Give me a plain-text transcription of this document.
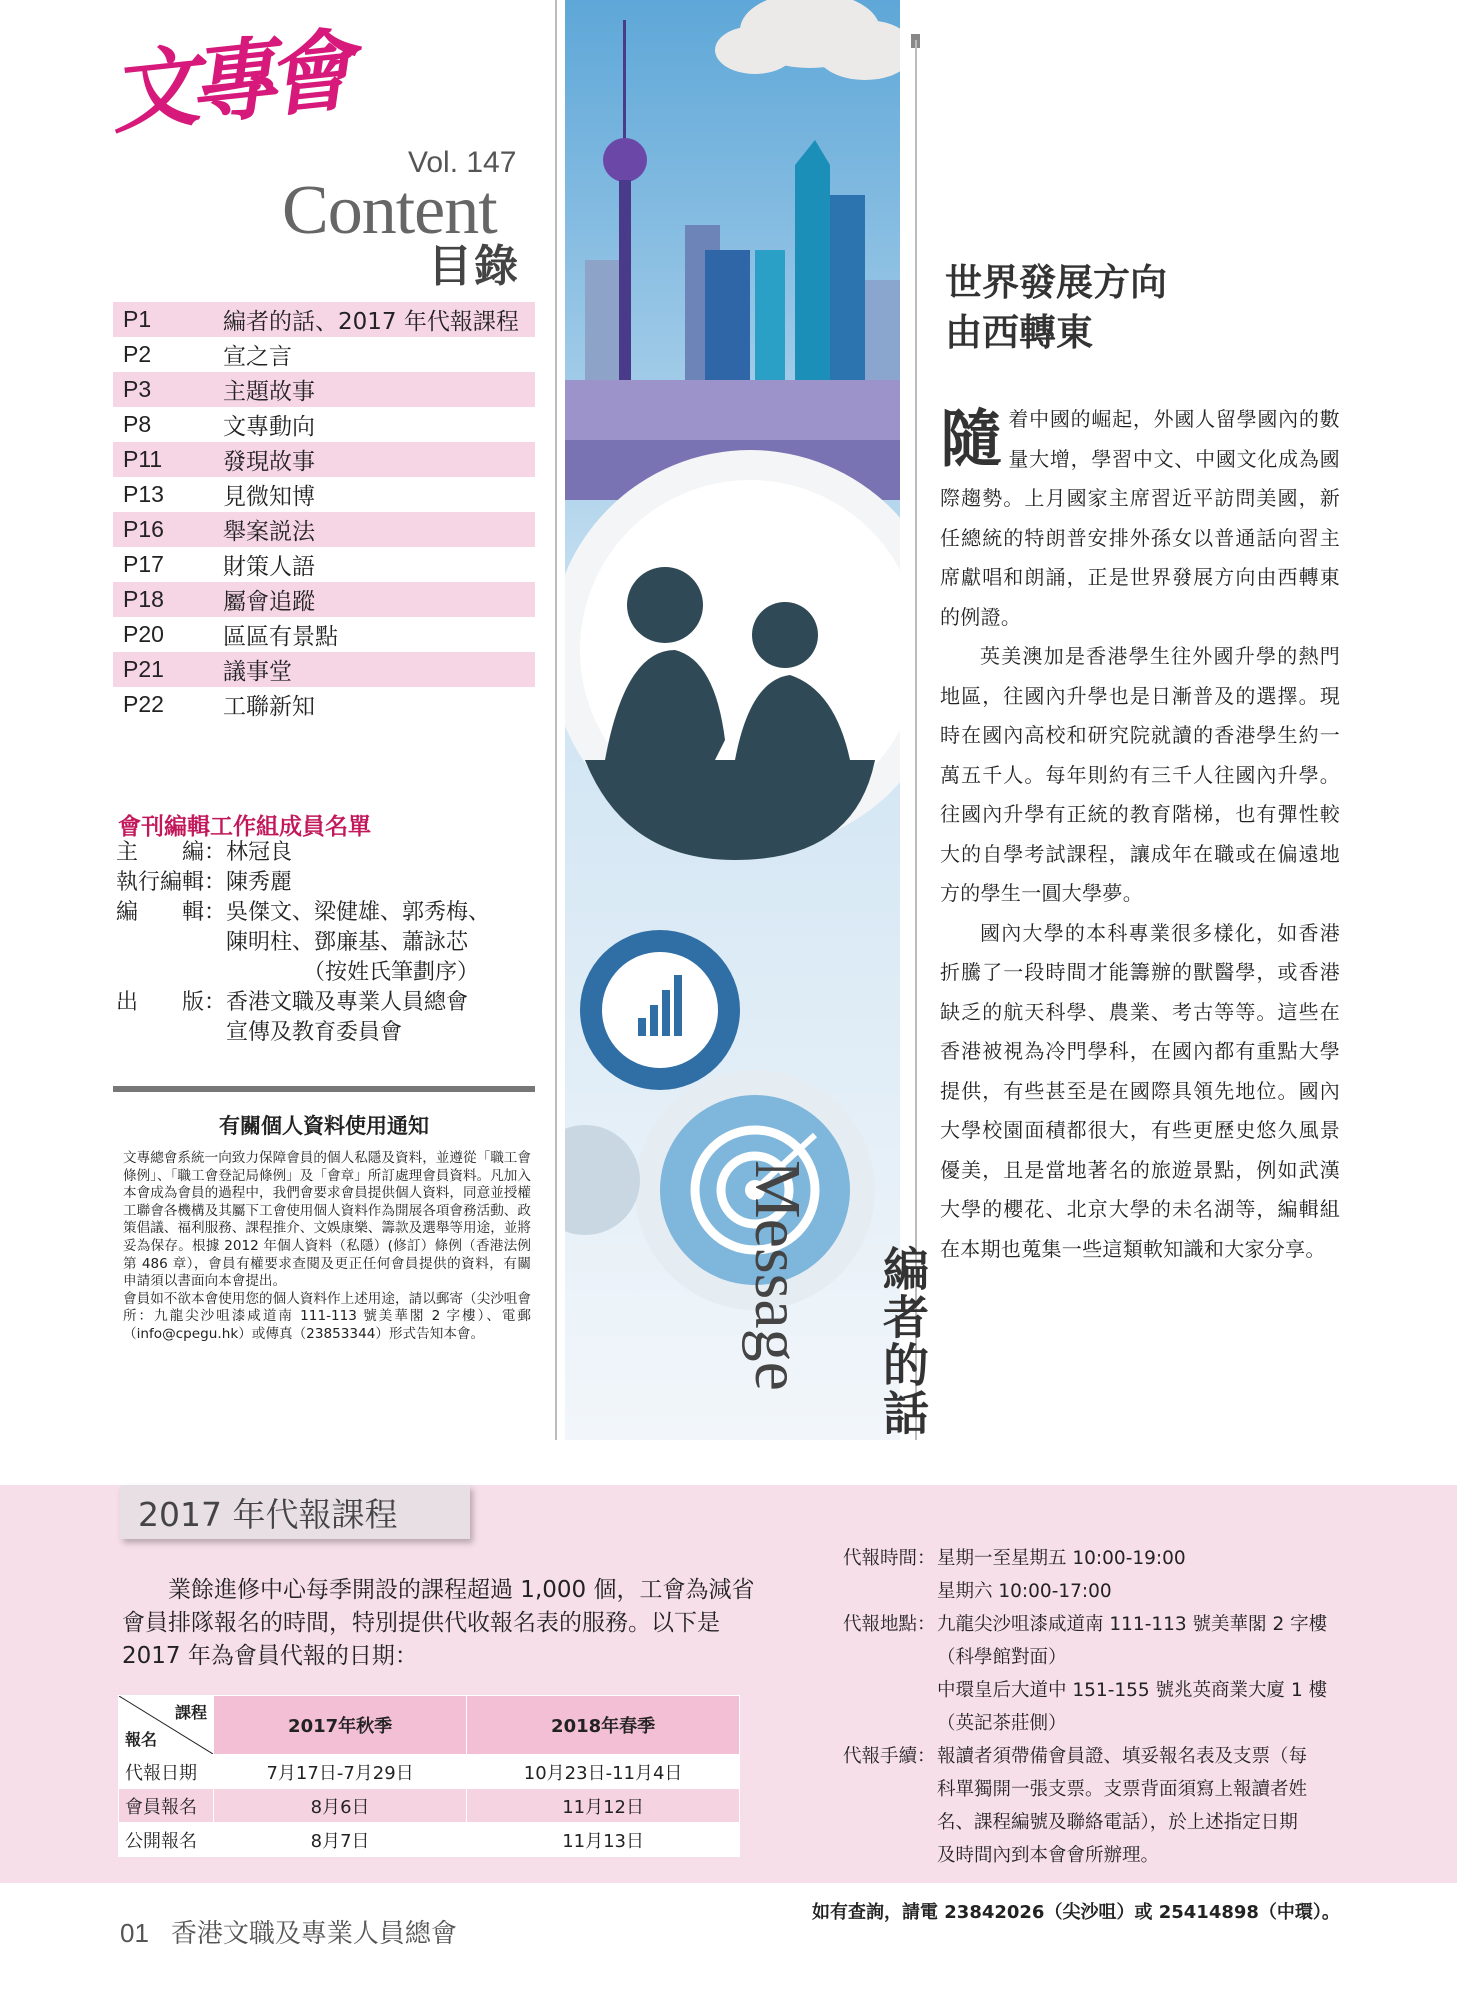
文專會
Vol. 147
Content
目錄
P1	編者的話、2017 年代報課程
P2	宣之言
P3	主題故事
P8	文專動向
P11	發現故事
P13	見微知博
P16	舉案説法
P17	財策人語
P18	屬會追蹤
P20	區區有景點
P21	議事堂
P22	工聯新知
會刊編輯工作組成員名單
主　　編： 林冠良
執行編輯： 陳秀麗
編　　輯： 吳傑文、梁健雄、郭秀梅、
陳明柱、鄧廉基、蕭詠芯
　　　　（按姓氏筆劃序）
出　　版： 香港文職及專業人員總會
宣傳及教育委員會
有關個人資料使用通知

文專總會系統一向致力保障會員的個人私隱及資料，並遵從「職工會條例」、「職工會登記局條例」及「會章」所訂處理會員資料。凡加入本會成為會員的過程中，我們會要求會員提供個人資料，同意並授權工聯會各機構及其屬下工會使用個人資料作為開展各項會務活動、政策倡議、福利服務、課程推介、文娛康樂、籌款及選舉等用途，並將妥為保存。根據 2012 年個人資料（私隱）(修訂）條例（香港法例第 486 章），會員有權要求查閱及更正任何會員提供的資料，有關申請須以書面向本會提出。

會員如不欲本會使用您的個人資料作上述用途，請以郵寄（尖沙咀會所：九龍尖沙咀漆咸道南 111-113 號美華閣 2 字樓）、電郵（info@cpegu.hk）或傳真（23853344）形式告知本會。	Message 編者的話
世界發展方向
由西轉東

隨着中國的崛起，外國人留學國內的數量大增，學習中文、中國文化成為國際趨勢。上月國家主席習近平訪問美國，新任總統的特朗普安排外孫女以普通話向習主席獻唱和朗誦，正是世界發展方向由西轉東的例證。

英美澳加是香港學生往外國升學的熱門地區，往國內升學也是日漸普及的選擇。現時在國內高校和研究院就讀的香港學生約一萬五千人。每年則約有三千人往國內升學。往國內升學有正統的教育階梯，也有彈性較大的自學考試課程，讓成年在職或在偏遠地方的學生一圓大學夢。

國內大學的本科專業很多樣化，如香港折騰了一段時間才能籌辦的獸醫學，或香港缺乏的航天科學、農業、考古等等。這些在香港被視為冷門學科，在國內都有重點大學提供，有些甚至是在國際具領先地位。國內大學校園面積都很大，有些更歷史悠久風景優美，且是當地著名的旅遊景點，例如武漢大學的櫻花、北京大學的未名湖等，編輯組在本期也蒐集一些這類軟知識和大家分享。

2017 年代報課程

業餘進修中心每季開設的課程超過 1,000 個，工會為減省會員排隊報名的時間，特別提供代收報名表的服務。以下是 2017 年為會員代報的日期：

課程
報名	2017年秋季	2018年春季
代報日期	7月17日-7月29日	10月23日-11月4日
會員報名	8月6日	11月12日
公開報名	8月7日	11月13日
代報時間： 星期一至星期五 10:00-19:00
星期六 10:00-17:00
代報地點： 九龍尖沙咀漆咸道南 111-113 號美華閣 2 字樓
（科學館對面）
中環皇后大道中 151-155 號兆英商業大廈 1 樓
（英記茶莊側）
代報手續： 報讀者須帶備會員證、填妥報名表及支票（每
科單獨開一張支票。支票背面須寫上報讀者姓
名、課程編號及聯絡電話），於上述指定日期
及時間內到本會會所辦理。
如有查詢，請電 23842026（尖沙咀）或 25414898（中環）。
01 香港文職及專業人員總會
